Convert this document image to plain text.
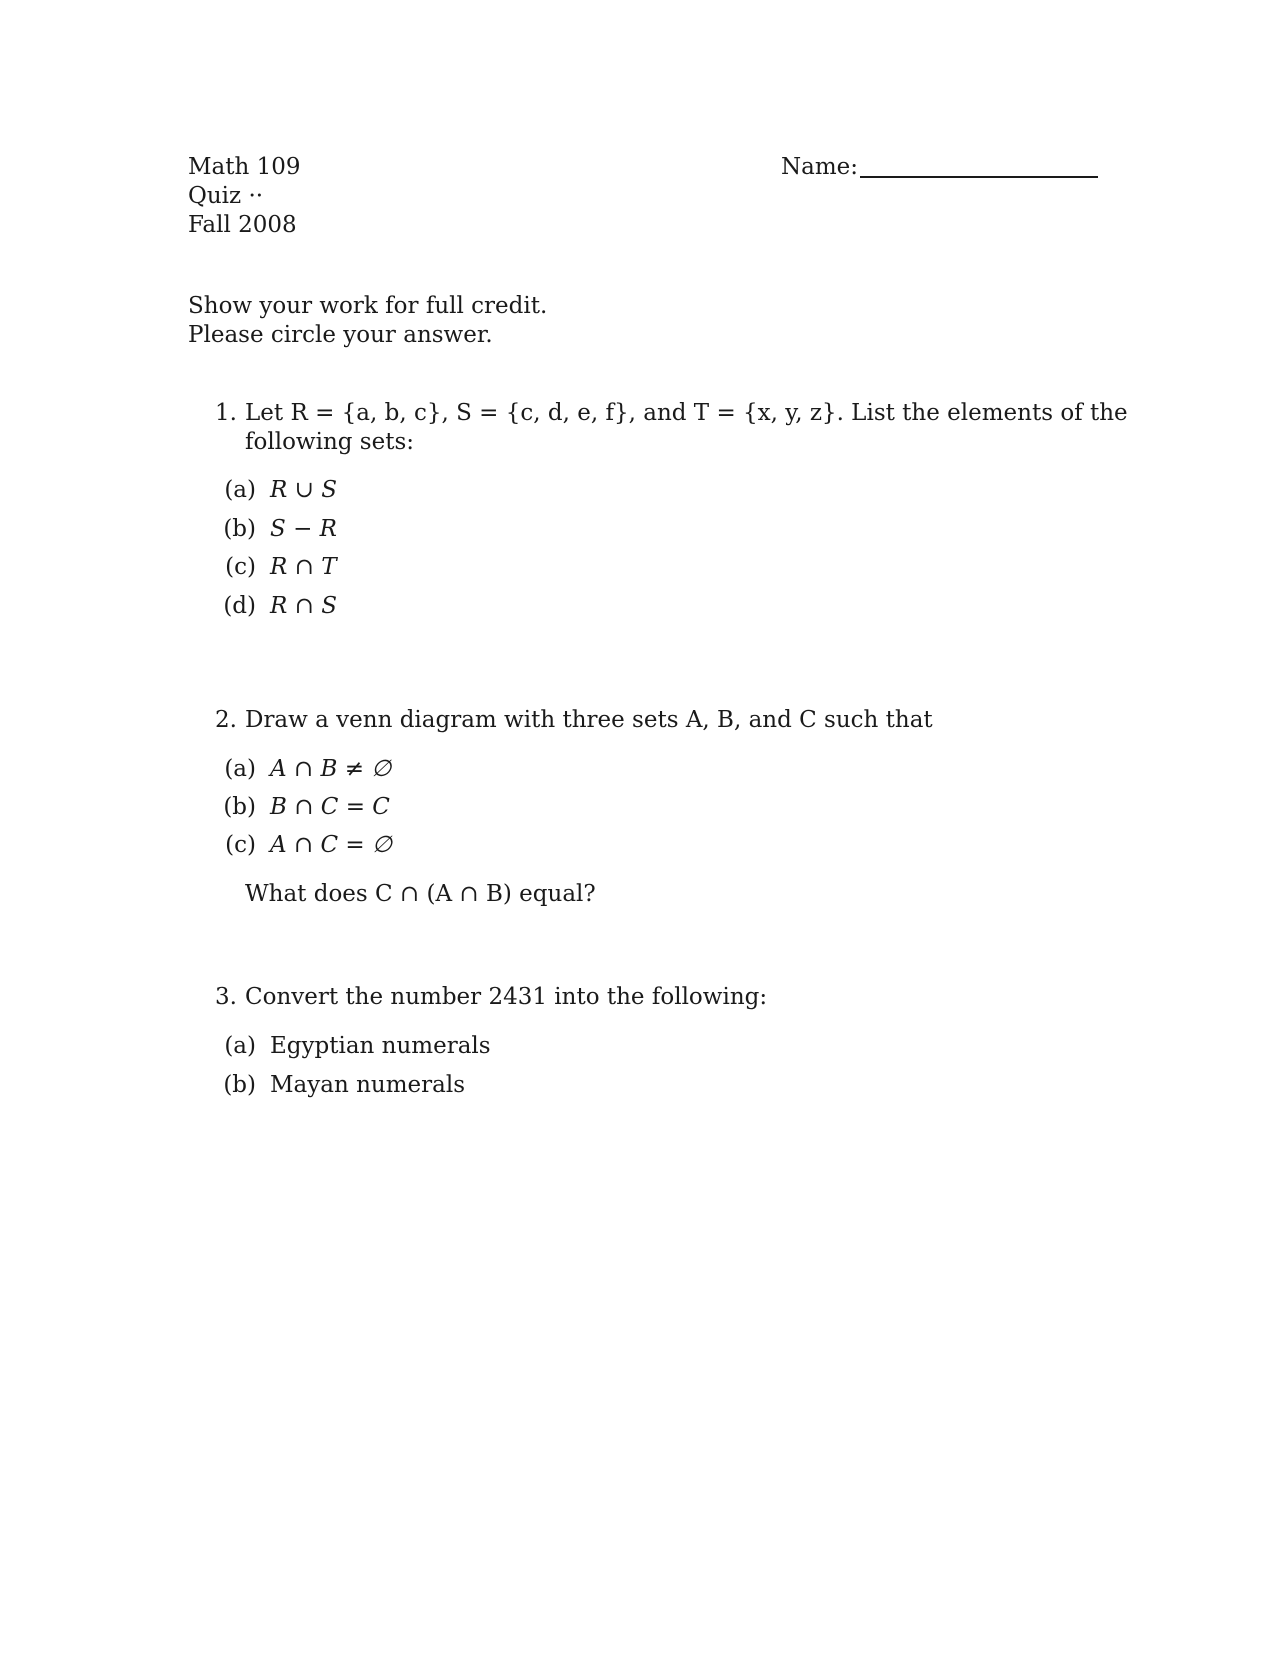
Math 109
Quiz ··
Fall 2008
Name:
Show your work for full credit.
Please circle your answer.
1. Let R = {a, b, c}, S = {c, d, e, f}, and T = {x, y, z}. List the elements of the
following sets:
(a) R ∪ S
(b) S − R
(c) R ∩ T
(d) R ∩ S
2. Draw a venn diagram with three sets A, B, and C such that
(a) A ∩ B ≠ ∅
(b) B ∩ C = C
(c) A ∩ C = ∅
What does C ∩ (A ∩ B) equal?
3. Convert the number 2431 into the following:
(a) Egyptian numerals
(b) Mayan numerals
